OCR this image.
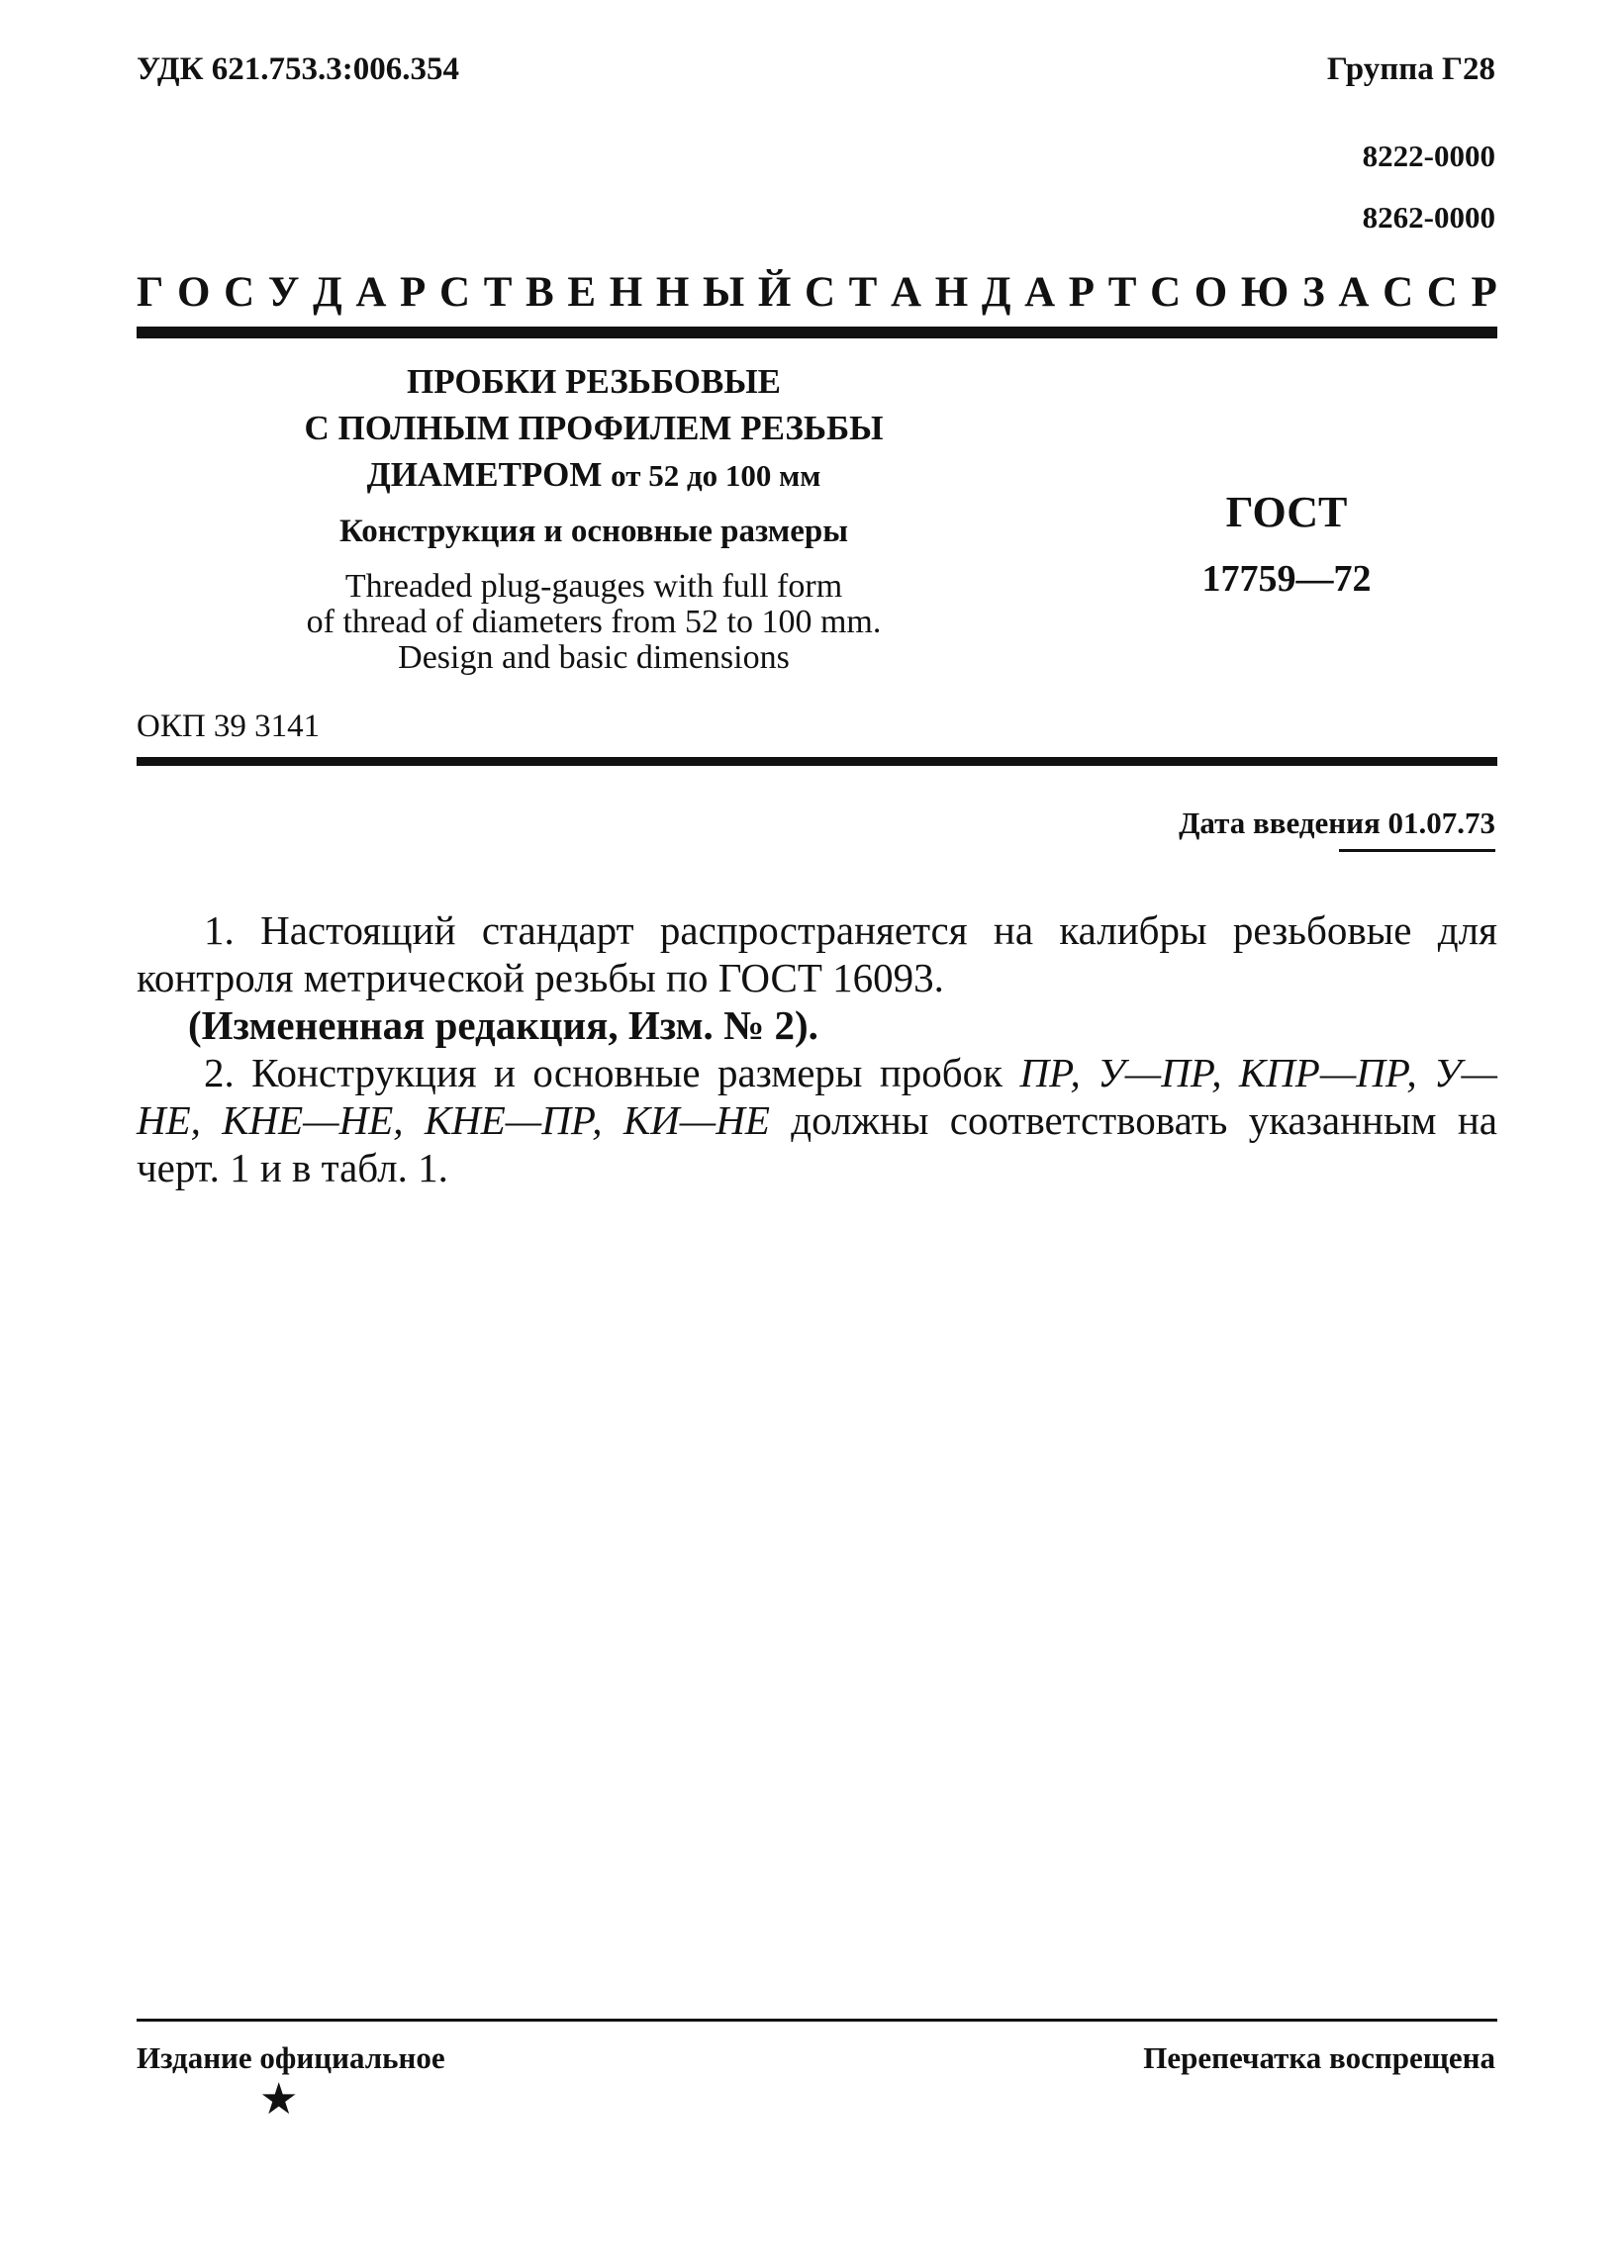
УДК 621.753.3:006.354	Группа Г28
8222-0000
8262-0000
Г О С У Д А Р С Т В Е Н Н Ы Й С Т А Н Д А Р Т С О Ю З А С С Р
ПРОБКИ РЕЗЬБОВЫЕ
С ПОЛНЫМ ПРОФИЛЕМ РЕЗЬБЫ
ДИАМЕТРОМ от 52 до 100 мм
Конструкция и основные размеры
Threaded plug-gauges with full form
of thread of diameters from 52 to 100 mm.
Design and basic dimensions
ГОСТ
17759—72
ОКП 39 3141
Дата введения 01.07.73

1. Настоящий стандарт распространяется на калибры резьбовые для контроля метрической резьбы по ГОСТ 16093.

(Измененная редакция, Изм. № 2).

2. Конструкция и основные размеры пробок ПР, У—ПР, КПР—ПР, У—НЕ, КНЕ—НЕ, КНЕ—ПР, КИ—НЕ должны соответствовать указанным на черт. 1 и в табл. 1.

Издание официальное	Перепечатка воспрещена
★
